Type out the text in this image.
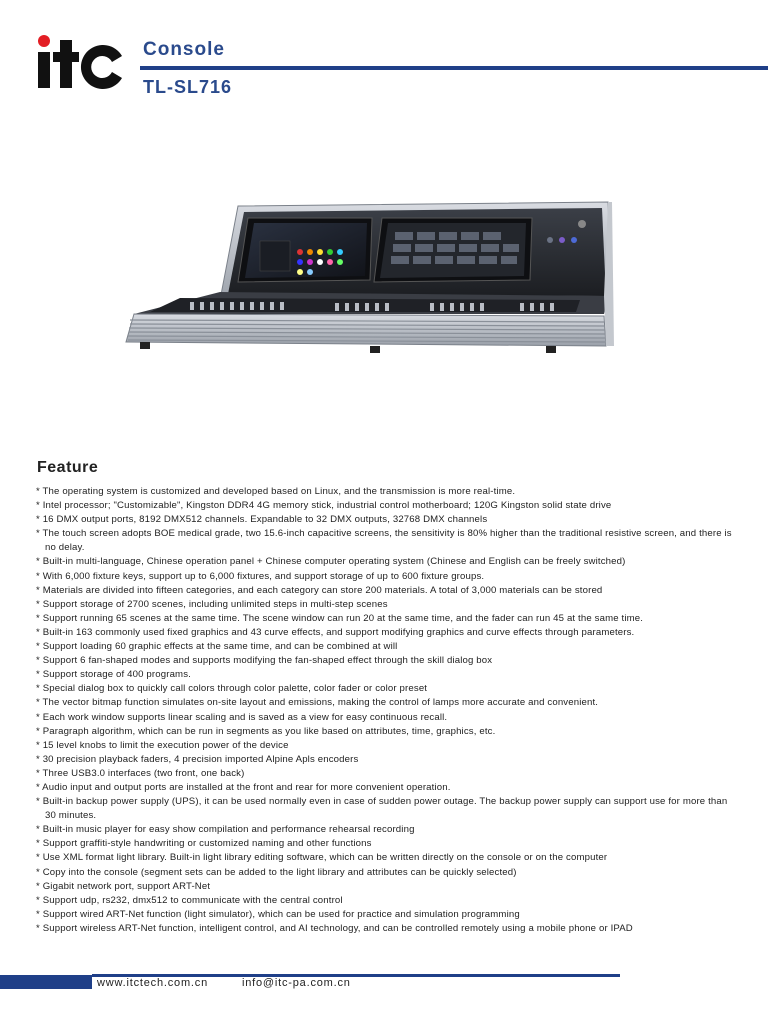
Console
TL-SL716
Feature
* The operating system is customized and developed based on Linux, and the transmission is more real-time.
* Intel processor; "Customizable", Kingston DDR4 4G memory stick, industrial control motherboard; 120G Kingston solid state drive
* 16 DMX output ports, 8192 DMX512 channels. Expandable to 32 DMX outputs, 32768 DMX channels
* The touch screen adopts BOE medical grade, two 15.6-inch capacitive screens, the sensitivity is 80% higher than the traditional resistive screen, and there is no delay.
* Built-in multi-language, Chinese operation panel + Chinese computer operating system (Chinese and English can be freely switched)
* With 6,000 fixture keys, support up to 6,000 fixtures, and support storage of up to 600 fixture groups.
* Materials are divided into fifteen categories, and each category can store 200 materials. A total of 3,000 materials can be stored
* Support storage of 2700 scenes, including unlimited steps in multi-step scenes
* Support running 65 scenes at the same time. The scene window can run 20 at the same time, and the fader can run 45 at the same time.
* Built-in 163 commonly used fixed graphics and 43 curve effects, and support modifying graphics and curve effects through parameters.
* Support loading 60 graphic effects at the same time, and can be combined at will
* Support 6 fan-shaped modes and supports modifying the fan-shaped effect through the skill dialog box
* Support storage of 400 programs.
* Special dialog box to quickly call colors through color palette, color fader or color preset
* The vector bitmap function simulates on-site layout and emissions, making the control of lamps more accurate and convenient.
* Each work window supports linear scaling and is saved as a view for easy continuous recall.
* Paragraph algorithm, which can be run in segments as you like based on attributes, time, graphics, etc.
* 15 level knobs to limit the execution power of the device
* 30 precision playback faders, 4 precision imported Alpine Apls encoders
* Three USB3.0 interfaces (two front, one back)
* Audio input and output ports are installed at the front and rear for more convenient operation.
* Built-in backup power supply (UPS), it can be used normally even in case of sudden power outage. The backup power supply can support use for more than 30 minutes.
* Built-in music player for easy show compilation and performance rehearsal recording
* Support graffiti-style handwriting or customized naming and other functions
* Use XML format light library. Built-in light library editing software, which can be written directly on the console or on the computer
* Copy into the console (segment sets can be added to the light library and attributes can be quickly selected)
* Gigabit network port, support ART-Net
* Support udp, rs232, dmx512 to communicate with the central control
* Support wired ART-Net function (light simulator), which can be used for practice and simulation programming
* Support wireless ART-Net function, intelligent control, and AI technology, and can be controlled remotely using a mobile phone or IPAD
www.itctech.com.cn	info@itc-pa.com.cn
